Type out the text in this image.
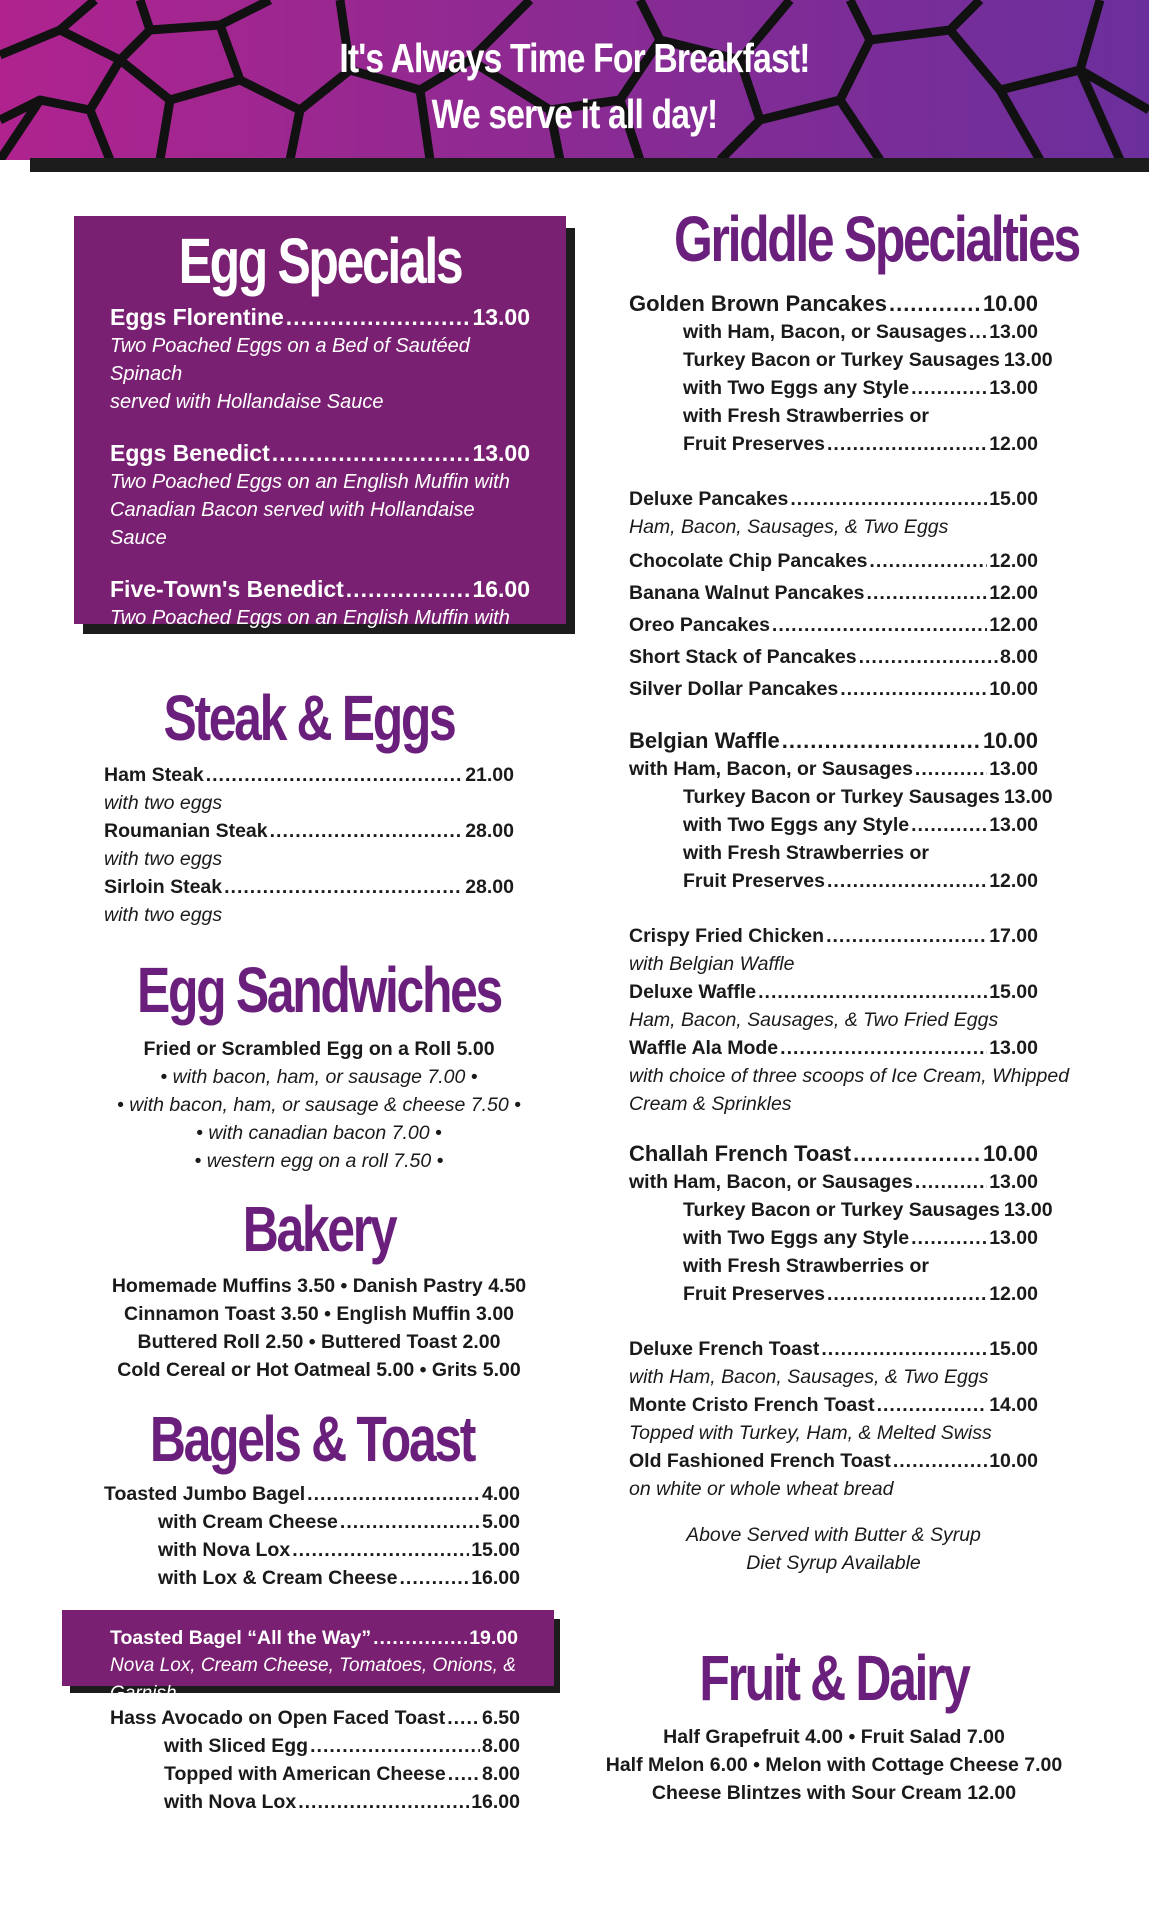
It's Always Time For Breakfast!
We serve it all day!
Egg Specials
Eggs Florentine .....	13.00
Two Poached Eggs on a Bed of Sautéed Spinach
served with Hollandaise Sauce
Eggs Benedict .....	13.00
Two Poached Eggs on an English Muffin with
Canadian Bacon served with Hollandaise Sauce
Five-Town's Benedict .....	16.00
Two Poached Eggs on an English Muffin with Lox
served with Hollandaise Sauce
Steak & Eggs
Ham Steak .....	21.00
with two eggs
Roumanian Steak .....	28.00
with two eggs
Sirloin Steak .....	28.00
with two eggs
Egg Sandwiches
Fried or Scrambled Egg on a Roll 5.00
• with bacon, ham, or sausage 7.00 •
• with bacon, ham, or sausage & cheese 7.50 •
• with canadian bacon 7.00 •
• western egg on a roll 7.50 •
Bakery
Homemade Muffins 3.50 • Danish Pastry 4.50
Cinnamon Toast 3.50 • English Muffin 3.00
Buttered Roll 2.50 • Buttered Toast 2.00
Cold Cereal or Hot Oatmeal 5.00 • Grits 5.00
Bagels & Toast
Toasted Jumbo Bagel .....	4.00
with Cream Cheese .....	5.00
with Nova Lox .....	15.00
with Lox & Cream Cheese .....	16.00
Toasted Bagel “All the Way” .....	19.00
Nova Lox, Cream Cheese, Tomatoes, Onions, & Garnish
Hass Avocado on Open Faced Toast ..... 6.50
with Sliced Egg .....	8.00
Topped with American Cheese ..... 8.00
with Nova Lox .....	16.00
Griddle Specialties
Golden Brown Pancakes .....	10.00
with Ham, Bacon, or Sausages ..... 13.00
Turkey Bacon or Turkey Sausages 13.00
with Two Eggs any Style .....	13.00
with Fresh Strawberries or
Fruit Preserves .....	12.00
Deluxe Pancakes .....	15.00
Ham, Bacon, Sausages, & Two Eggs
Chocolate Chip Pancakes .....	12.00
Banana Walnut Pancakes .....	12.00
Oreo Pancakes .....	12.00
Short Stack of Pancakes .....	8.00
Silver Dollar Pancakes .....	10.00
Belgian Waffle .....	10.00
with Ham, Bacon, or Sausages .....	13.00
Turkey Bacon or Turkey Sausages 13.00
with Two Eggs any Style .....	13.00
with Fresh Strawberries or
Fruit Preserves .....	12.00
Crispy Fried Chicken .....	17.00
with Belgian Waffle
Deluxe Waffle .....	15.00
Ham, Bacon, Sausages, & Two Fried Eggs
Waffle Ala Mode .....	13.00
with choice of three scoops of Ice Cream, Whipped
Cream & Sprinkles
Challah French Toast .....	10.00
with Ham, Bacon, or Sausages .....	13.00
Turkey Bacon or Turkey Sausages 13.00
with Two Eggs any Style .....	13.00
with Fresh Strawberries or
Fruit Preserves .....	12.00
Deluxe French Toast .....	15.00
with Ham, Bacon, Sausages, & Two Eggs
Monte Cristo French Toast .....	14.00
Topped with Turkey, Ham, & Melted Swiss
Old Fashioned French Toast .....	10.00
on white or whole wheat bread
Above Served with Butter & Syrup
Diet Syrup Available
Fruit & Dairy
Half Grapefruit 4.00 • Fruit Salad 7.00
Half Melon 6.00 • Melon with Cottage Cheese 7.00
Cheese Blintzes with Sour Cream 12.00
